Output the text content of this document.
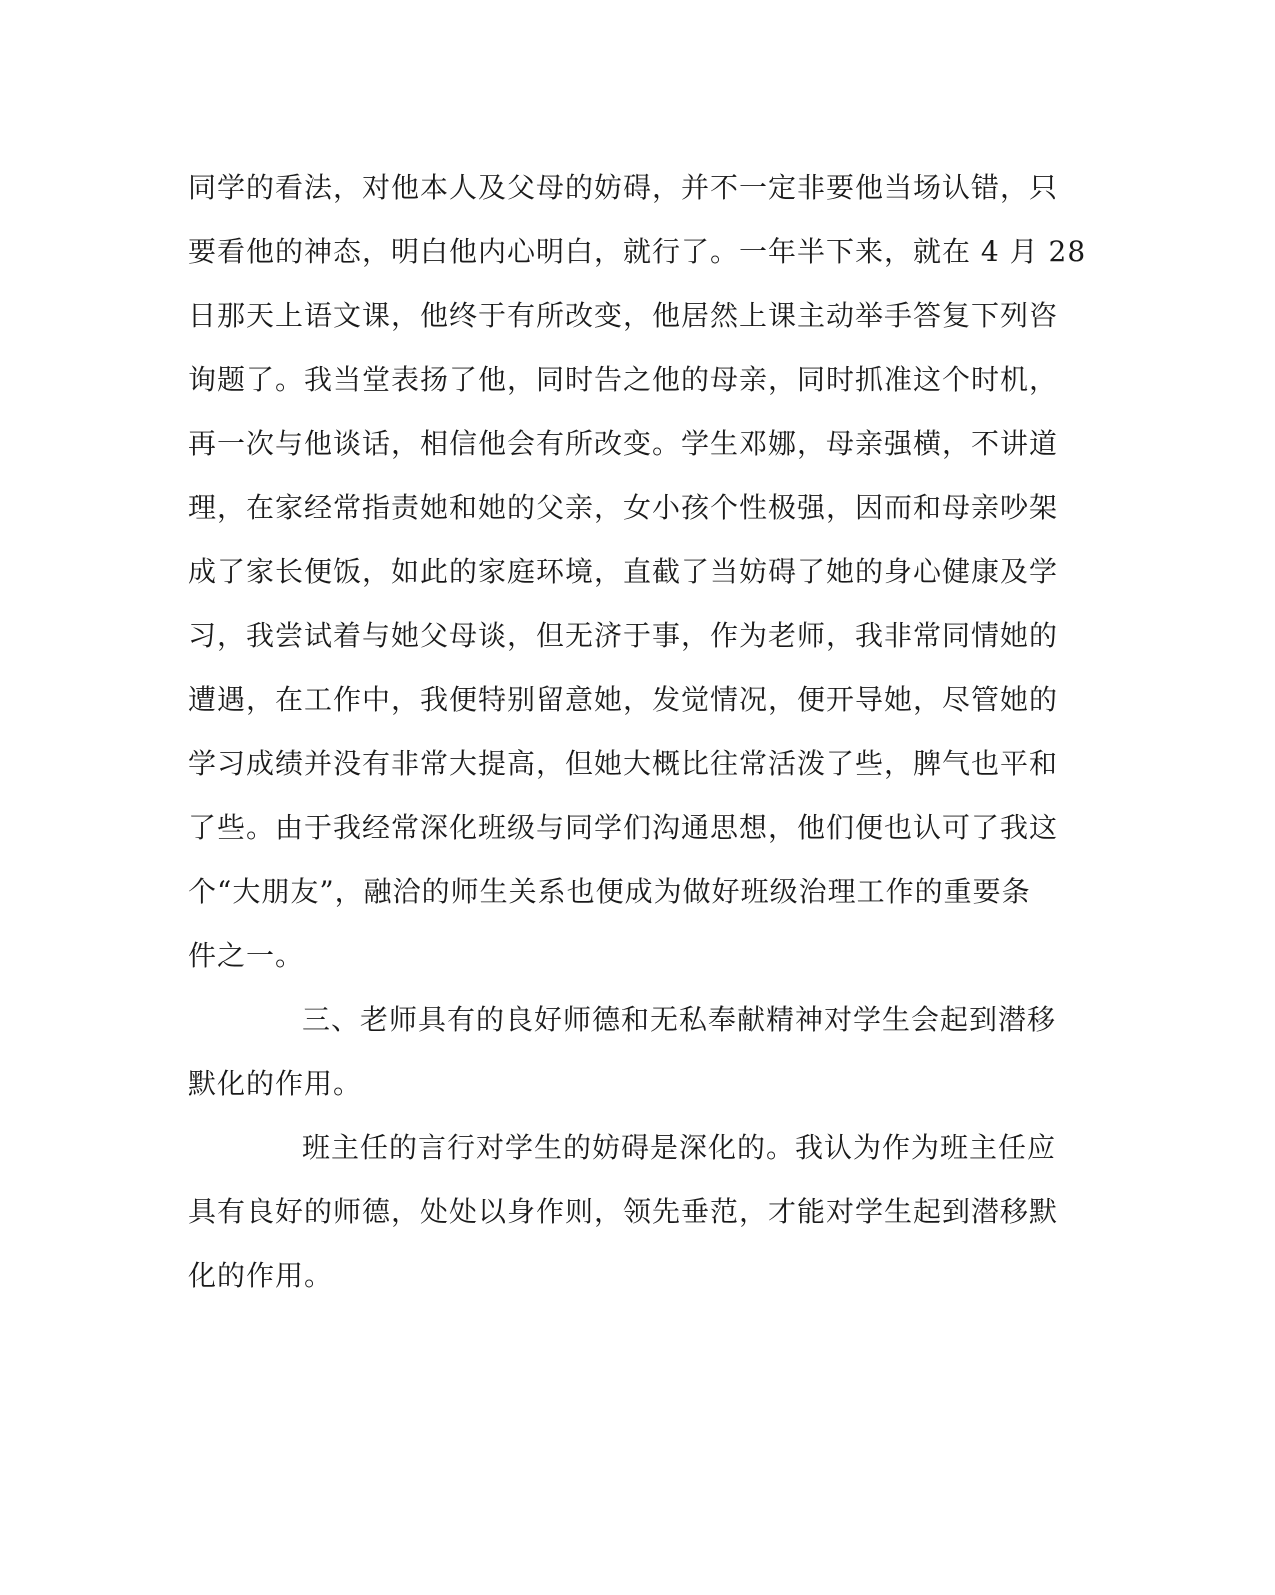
同学的看法，对他本人及父母的妨碍，并不一定非要他当场认错，只
要看他的神态，明白他内心明白，就行了。一年半下来，就在 4 月 28
日那天上语文课，他终于有所改变，他居然上课主动举手答复下列咨
询题了。我当堂表扬了他，同时告之他的母亲，同时抓准这个时机，
再一次与他谈话，相信他会有所改变。学生邓娜，母亲强横，不讲道
理，在家经常指责她和她的父亲，女小孩个性极强，因而和母亲吵架
成了家长便饭，如此的家庭环境，直截了当妨碍了她的身心健康及学
习，我尝试着与她父母谈，但无济于事，作为老师，我非常同情她的
遭遇，在工作中，我便特别留意她，发觉情况，便开导她，尽管她的
学习成绩并没有非常大提高，但她大概比往常活泼了些，脾气也平和
了些。由于我经常深化班级与同学们沟通思想，他们便也认可了我这
个“大朋友”，融洽的师生关系也便成为做好班级治理工作的重要条
件之一。
三、老师具有的良好师德和无私奉献精神对学生会起到潜移
默化的作用。
班主任的言行对学生的妨碍是深化的。我认为作为班主任应
具有良好的师德，处处以身作则，领先垂范，才能对学生起到潜移默
化的作用。
